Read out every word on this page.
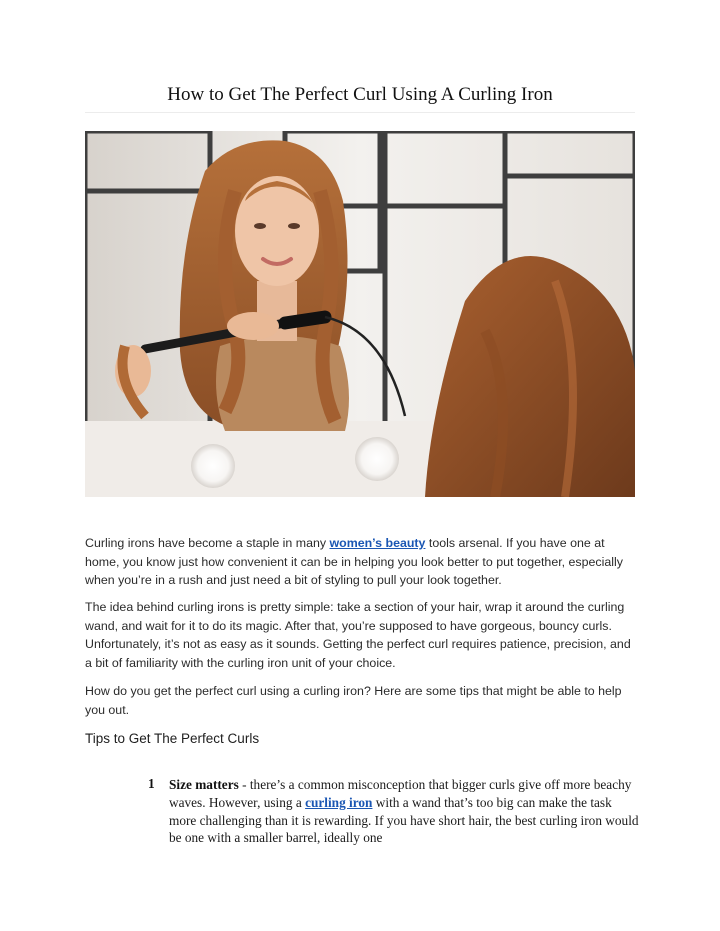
How to Get The Perfect Curl Using A Curling Iron

Curling irons have become a staple in many women’s beauty tools arsenal. If you have one at home, you know just how convenient it can be in helping you look better to put together, especially when you’re in a rush and just need a bit of styling to pull your look together.

The idea behind curling irons is pretty simple: take a section of your hair, wrap it around the curling wand, and wait for it to do its magic. After that, you’re supposed to have gorgeous, bouncy curls. Unfortunately, it’s not as easy as it sounds. Getting the perfect curl requires patience, precision, and a bit of familiarity with the curling iron unit of your choice.

How do you get the perfect curl using a curling iron? Here are some tips that might be able to help you out.

Tips to Get The Perfect Curls
1 Size matters - there’s a common misconception that bigger curls give off more beachy waves. However, using a curling iron with a wand that’s too big can make the task more challenging than it is rewarding. If you have short hair, the best curling iron would be one with a smaller barrel, ideally one
